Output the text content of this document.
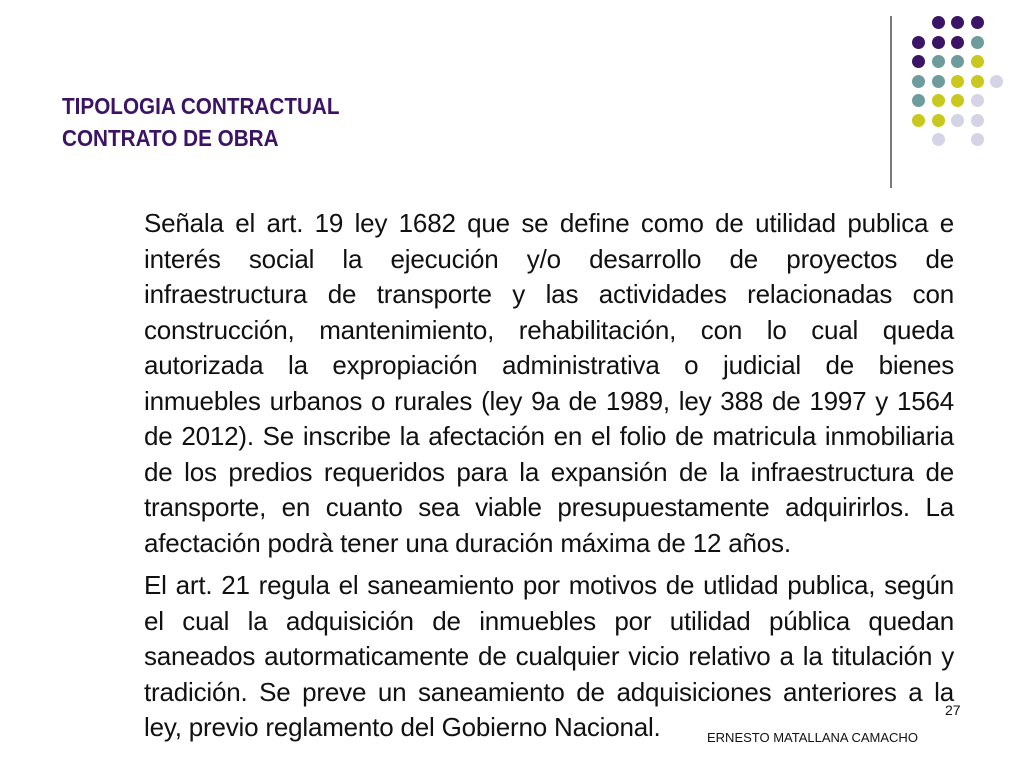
TIPOLOGIA CONTRACTUAL
CONTRATO DE OBRA

Señala el art. 19 ley 1682 que se define como de utilidad publica e interés social la ejecución y/o desarrollo de proyectos de infraestructura de transporte y las actividades relacionadas con construcción, mantenimiento, rehabilitación, con lo cual queda autorizada la expropiación administrativa o judicial de bienes inmuebles urbanos o rurales (ley 9a de 1989, ley 388 de 1997 y 1564 de 2012). Se inscribe la afectación en el folio de matricula inmobiliaria de los predios requeridos para la expansión de la infraestructura de transporte, en cuanto sea viable presupuestamente adquirirlos. La afectación podrà tener una duración máxima de 12 años.

El art. 21 regula el saneamiento por motivos de utlidad publica, según el cual la adquisición de inmuebles por utilidad pública quedan saneados autormaticamente de cualquier vicio relativo a la titulación y tradición. Se preve un saneamiento de adquisiciones anteriores a la ley, previo reglamento del Gobierno Nacional.

27
ERNESTO MATALLANA CAMACHO
